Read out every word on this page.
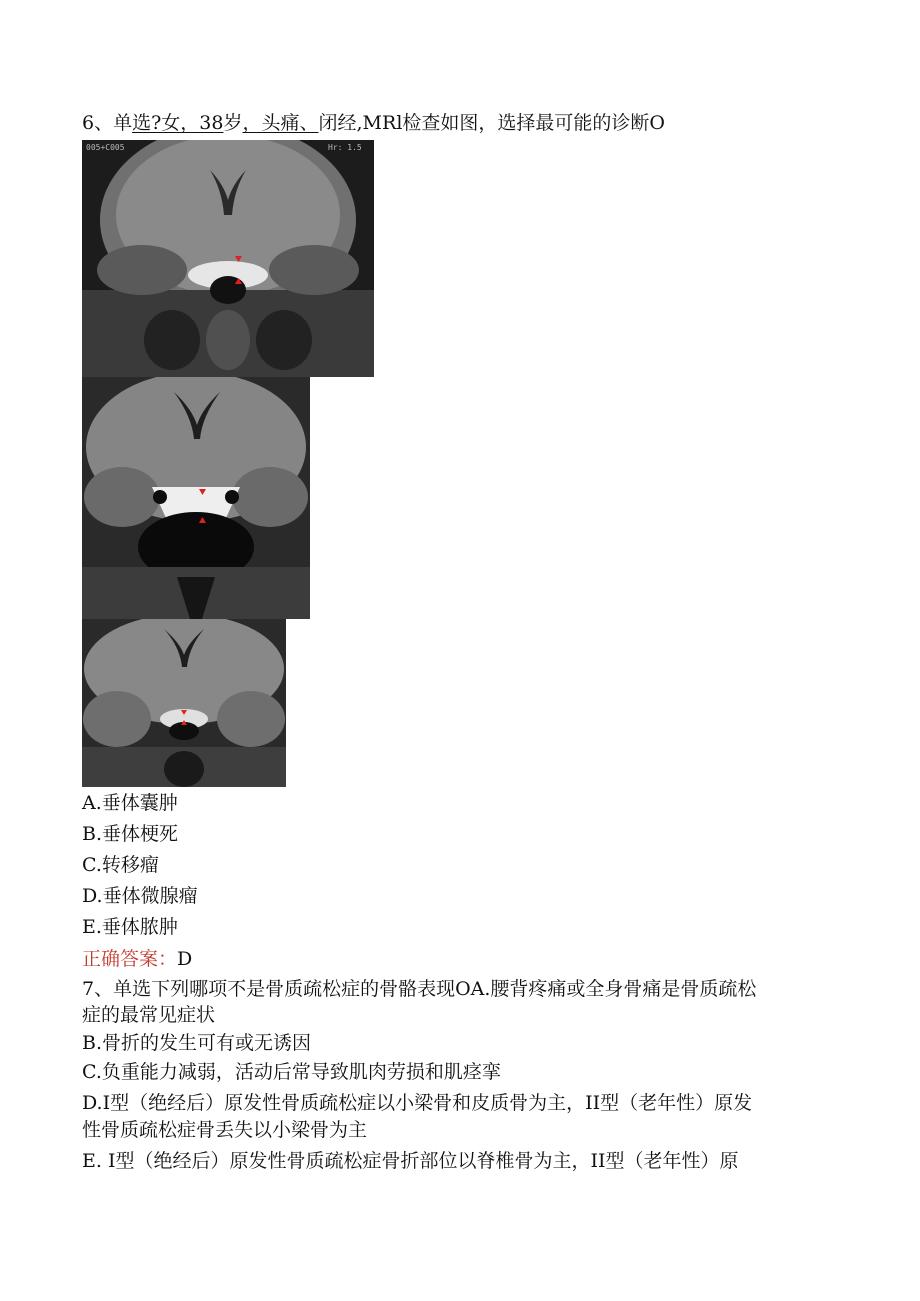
6、单选?女，38岁，头痛、闭经,MRl检查如图，选择最可能的诊断O
005+C005	Hr: 1.5
A.垂体囊肿
B.垂体梗死
C.转移瘤
D.垂体微腺瘤
E.垂体脓肿
正确答案：D
7、单选下列哪项不是骨质疏松症的骨骼表现OA.腰背疼痛或全身骨痛是骨质疏松
症的最常见症状
B.骨折的发生可有或无诱因
C.负重能力减弱，活动后常导致肌肉劳损和肌痉挛
D.I型（绝经后）原发性骨质疏松症以小梁骨和皮质骨为主，II型（老年性）原发
性骨质疏松症骨丢失以小梁骨为主
E. I型（绝经后）原发性骨质疏松症骨折部位以脊椎骨为主，II型（老年性）原
